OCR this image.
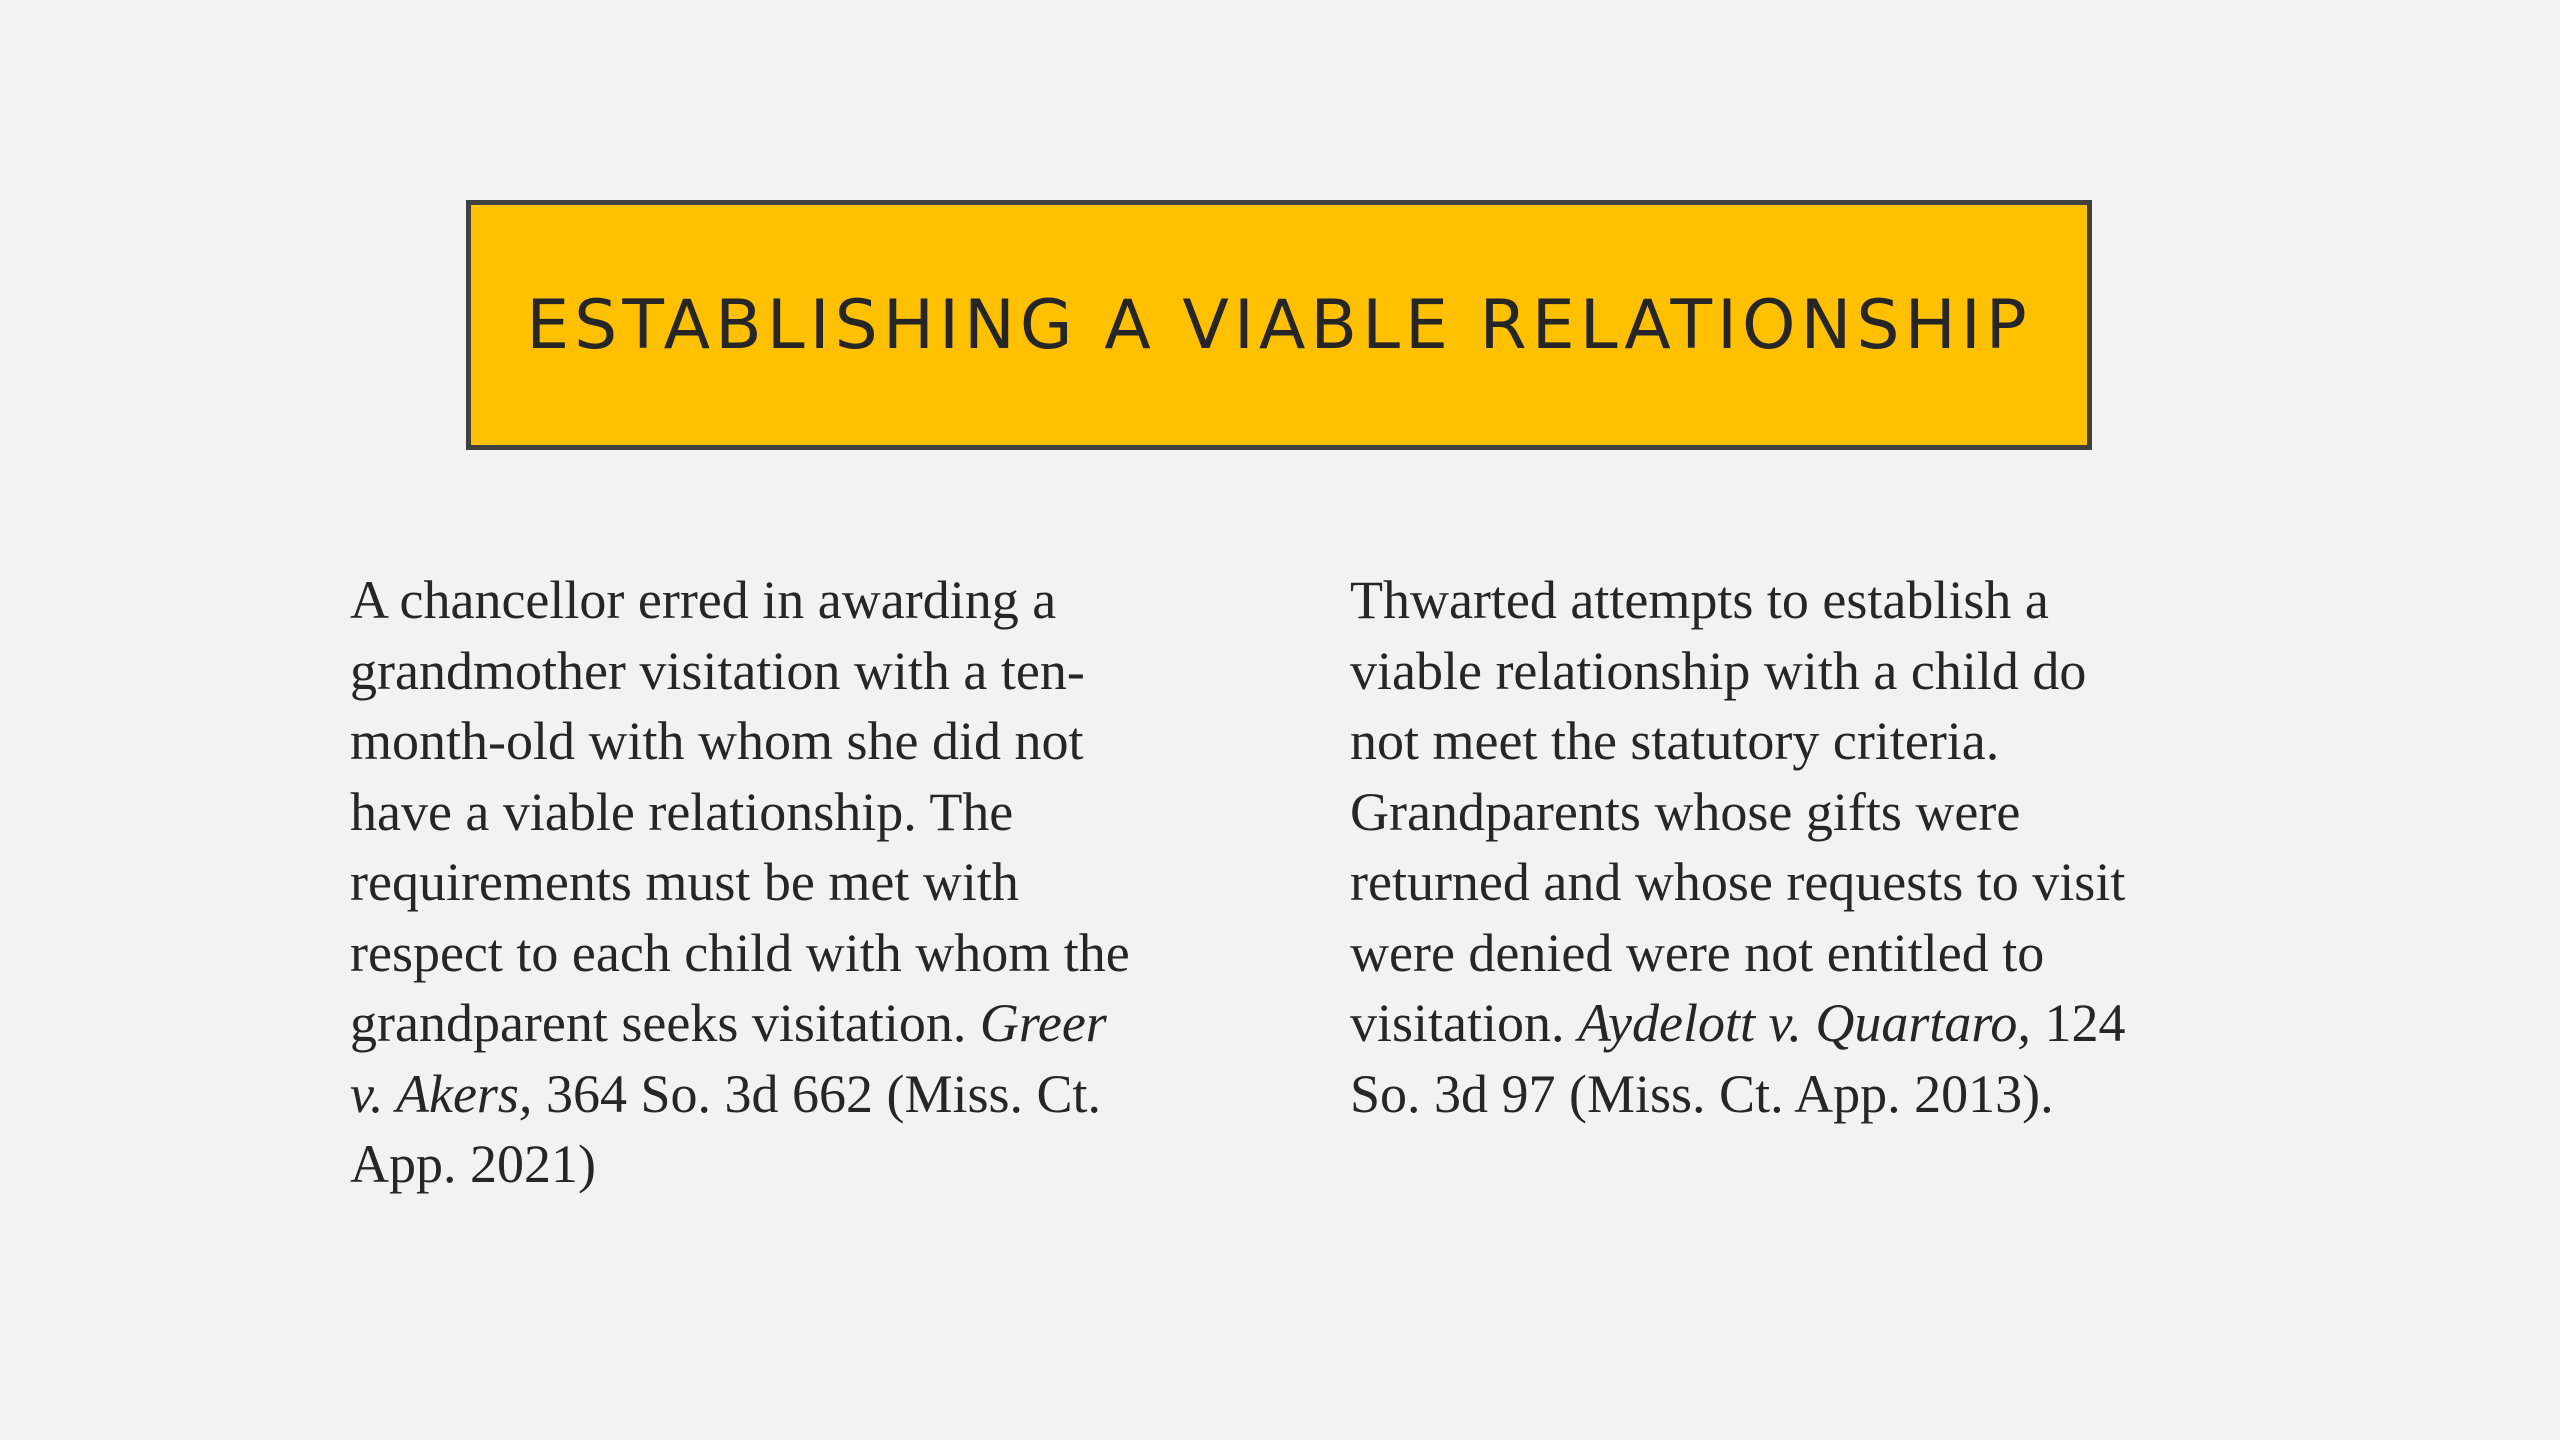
ESTABLISHING A VIABLE RELATIONSHIP
A chancellor erred in awarding a
grandmother visitation with a ten-
month-old with whom she did not
have a viable relationship. The
requirements must be met with
respect to each child with whom the
grandparent seeks visitation. Greer
v. Akers, 364 So. 3d 662 (Miss. Ct.
App. 2021)
Thwarted attempts to establish a
viable relationship with a child do
not meet the statutory criteria.
Grandparents whose gifts were
returned and whose requests to visit
were denied were not entitled to
visitation. Aydelott v. Quartaro, 124
So. 3d 97 (Miss. Ct. App. 2013).
